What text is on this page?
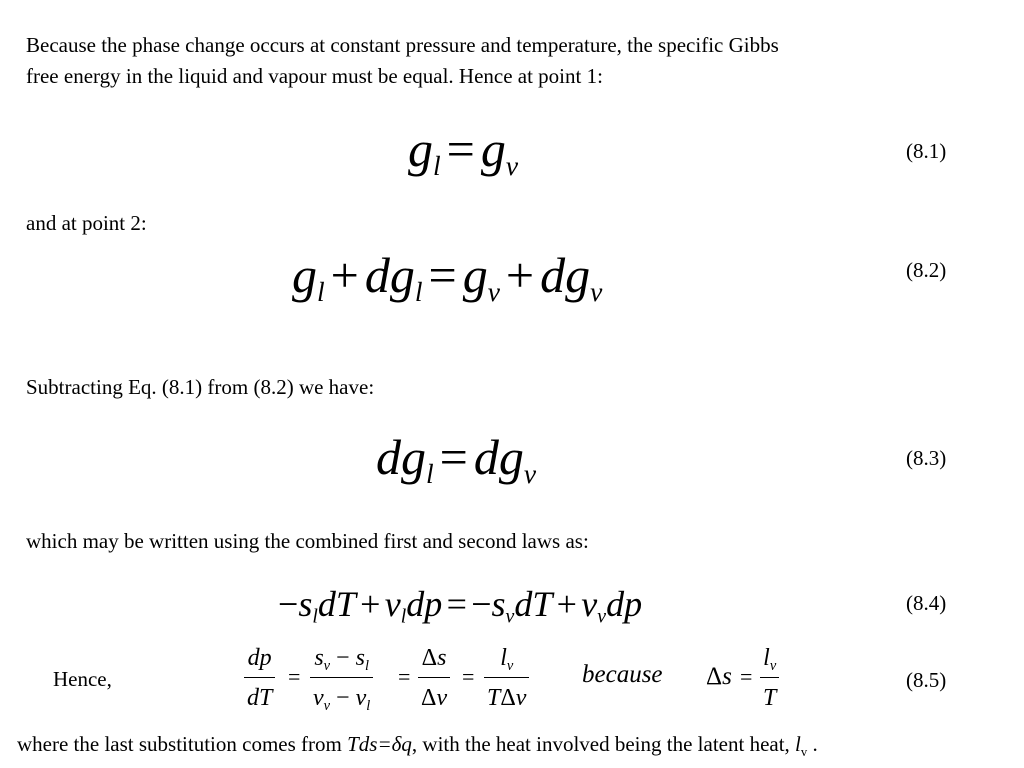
Because the phase change occurs at constant pressure and temperature, the specific Gibbs
free energy in the liquid and vapour must be equal. Hence at point 1:

$g_l = g_v$	(8.1)

and at point 2:

$g_l + dg_l = g_v + dg_v$
(8.2)

Subtracting Eq. (8.1) from (8.2) we have:

$dg_l = dg_v$	(8.3)

which may be written using the combined first and second laws as:

$-s_ldT + v_ldp = -s_vdT + v_vdp$	(8.4)
Hence,
dp
dT
=
$s_v - s_l$
$v_v - v_l$
=
Δs
Δv
=
$l_v$
TΔv
because Δs =
$l_v$
T
(8.5)

where the last substitution comes from Tds=δq, with the heat involved being the latent heat, $l_v$ .
